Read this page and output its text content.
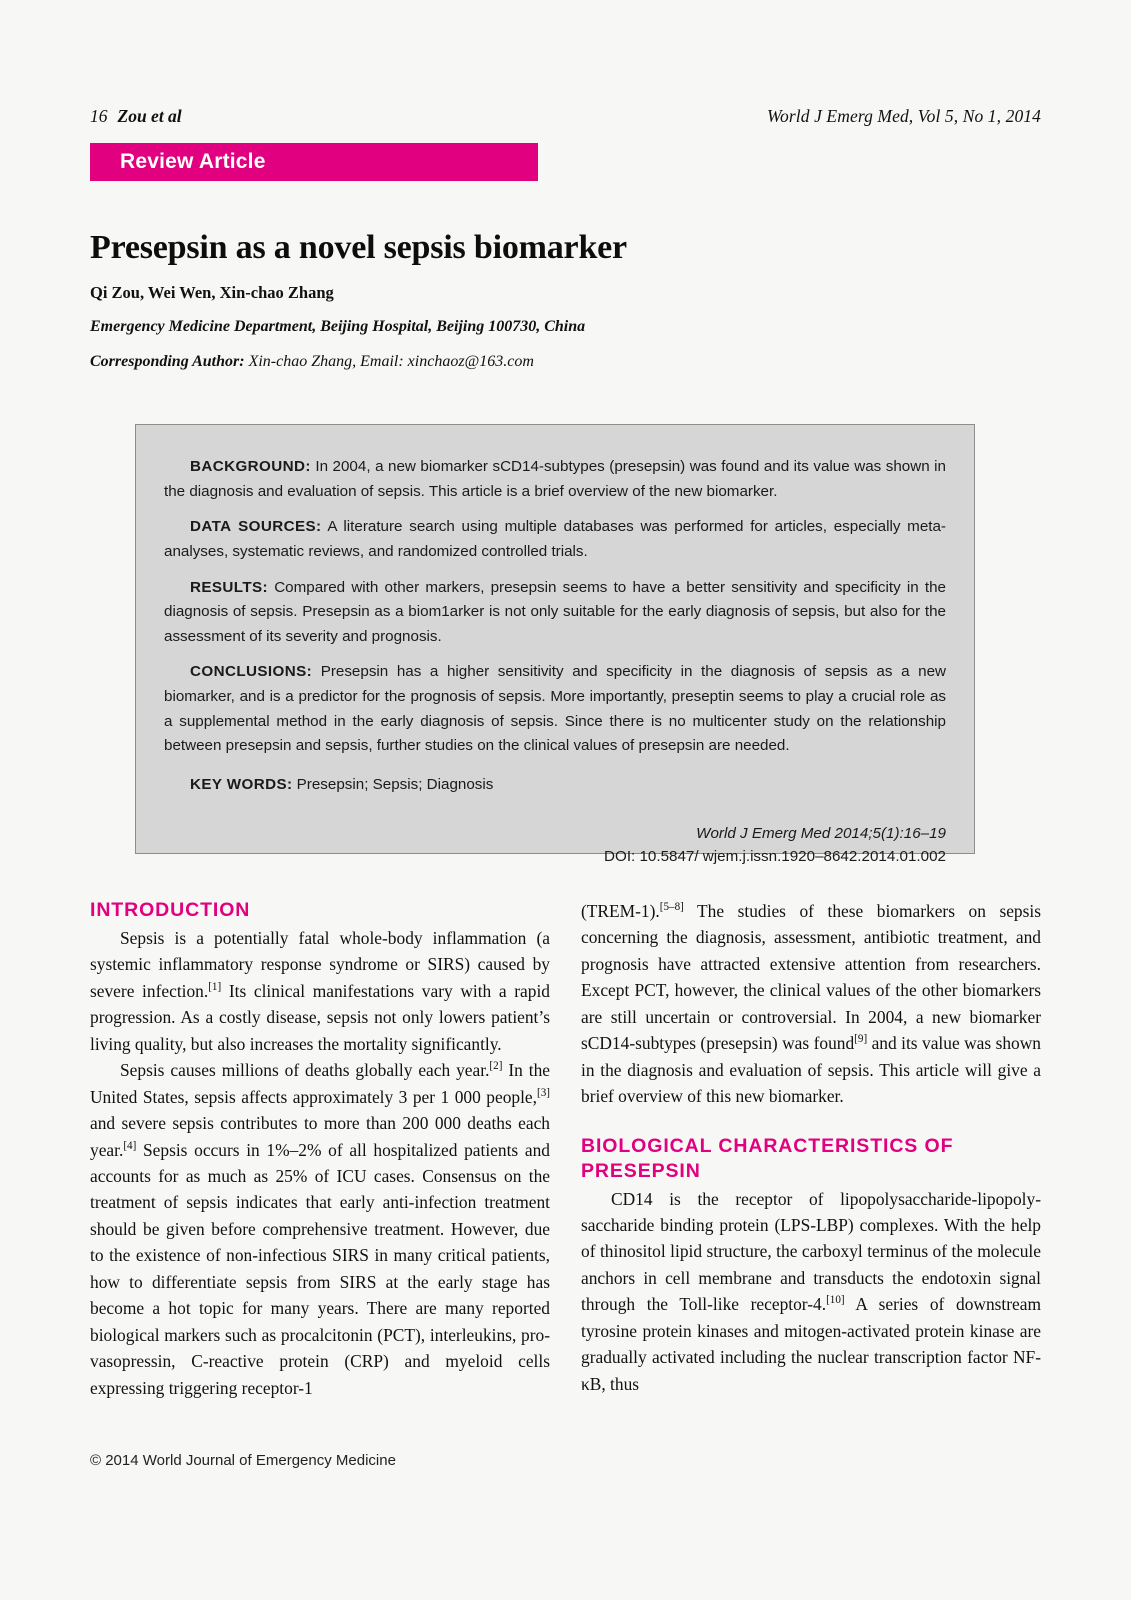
16 Zou et al	World J Emerg Med, Vol 5, No 1, 2014
Review Article
Presepsin as a novel sepsis biomarker
Qi Zou, Wei Wen, Xin-chao Zhang
Emergency Medicine Department, Beijing Hospital, Beijing 100730, China
Corresponding Author: Xin-chao Zhang, Email: xinchaoz@163.com

BACKGROUND: In 2004, a new biomarker sCD14-subtypes (presepsin) was found and its value was shown in the diagnosis and evaluation of sepsis. This article is a brief overview of the new biomarker.

DATA SOURCES: A literature search using multiple databases was performed for articles, especially meta-analyses, systematic reviews, and randomized controlled trials.

RESULTS: Compared with other markers, presepsin seems to have a better sensitivity and specificity in the diagnosis of sepsis. Presepsin as a biom1arker is not only suitable for the early diagnosis of sepsis, but also for the assessment of its severity and prognosis.

CONCLUSIONS: Presepsin has a higher sensitivity and specificity in the diagnosis of sepsis as a new biomarker, and is a predictor for the prognosis of sepsis. More importantly, preseptin seems to play a crucial role as a supplemental method in the early diagnosis of sepsis. Since there is no multicenter study on the relationship between presepsin and sepsis, further studies on the clinical values of presepsin are needed.

KEY WORDS: Presepsin; Sepsis; Diagnosis

World J Emerg Med 2014;5(1):16–19
DOI: 10.5847/ wjem.j.issn.1920–8642.2014.01.002
INTRODUCTION

Sepsis is a potentially fatal whole-body inflammation (a systemic inflammatory response syndrome or SIRS) caused by severe infection.[1] Its clinical manifestations vary with a rapid progression. As a costly disease, sepsis not only lowers patient’s living quality, but also increases the mortality significantly.

Sepsis causes millions of deaths globally each year.[2] In the United States, sepsis affects approximately 3 per 1 000 people,[3] and severe sepsis contributes to more than 200 000 deaths each year.[4] Sepsis occurs in 1%–2% of all hospitalized patients and accounts for as much as 25% of ICU cases. Consensus on the treatment of sepsis indicates that early anti-infection treatment should be given before comprehensive treatment. However, due to the existence of non-infectious SIRS in many critical patients, how to differentiate sepsis from SIRS at the early stage has become a hot topic for many years. There are many reported biological markers such as procalcitonin (PCT), interleukins, pro-vasopressin, C-reactive protein (CRP) and myeloid cells expressing triggering receptor-1

(TREM-1).[5–8] The studies of these biomarkers on sepsis concerning the diagnosis, assessment, antibiotic treatment, and prognosis have attracted extensive attention from researchers. Except PCT, however, the clinical values of the other biomarkers are still uncertain or controversial. In 2004, a new biomarker sCD14-subtypes (presepsin) was found[9] and its value was shown in the diagnosis and evaluation of sepsis. This article will give a brief overview of this new biomarker.

BIOLOGICAL CHARACTERISTICS OF PRESEPSIN

CD14 is the receptor of lipopolysaccharide-lipopoly-saccharide binding protein (LPS-LBP) complexes. With the help of thinositol lipid structure, the carboxyl terminus of the molecule anchors in cell membrane and transducts the endotoxin signal through the Toll-like receptor-4.[10] A series of downstream tyrosine protein kinases and mitogen-activated protein kinase are gradually activated including the nuclear transcription factor NF-κB, thus

© 2014 World Journal of Emergency Medicine
